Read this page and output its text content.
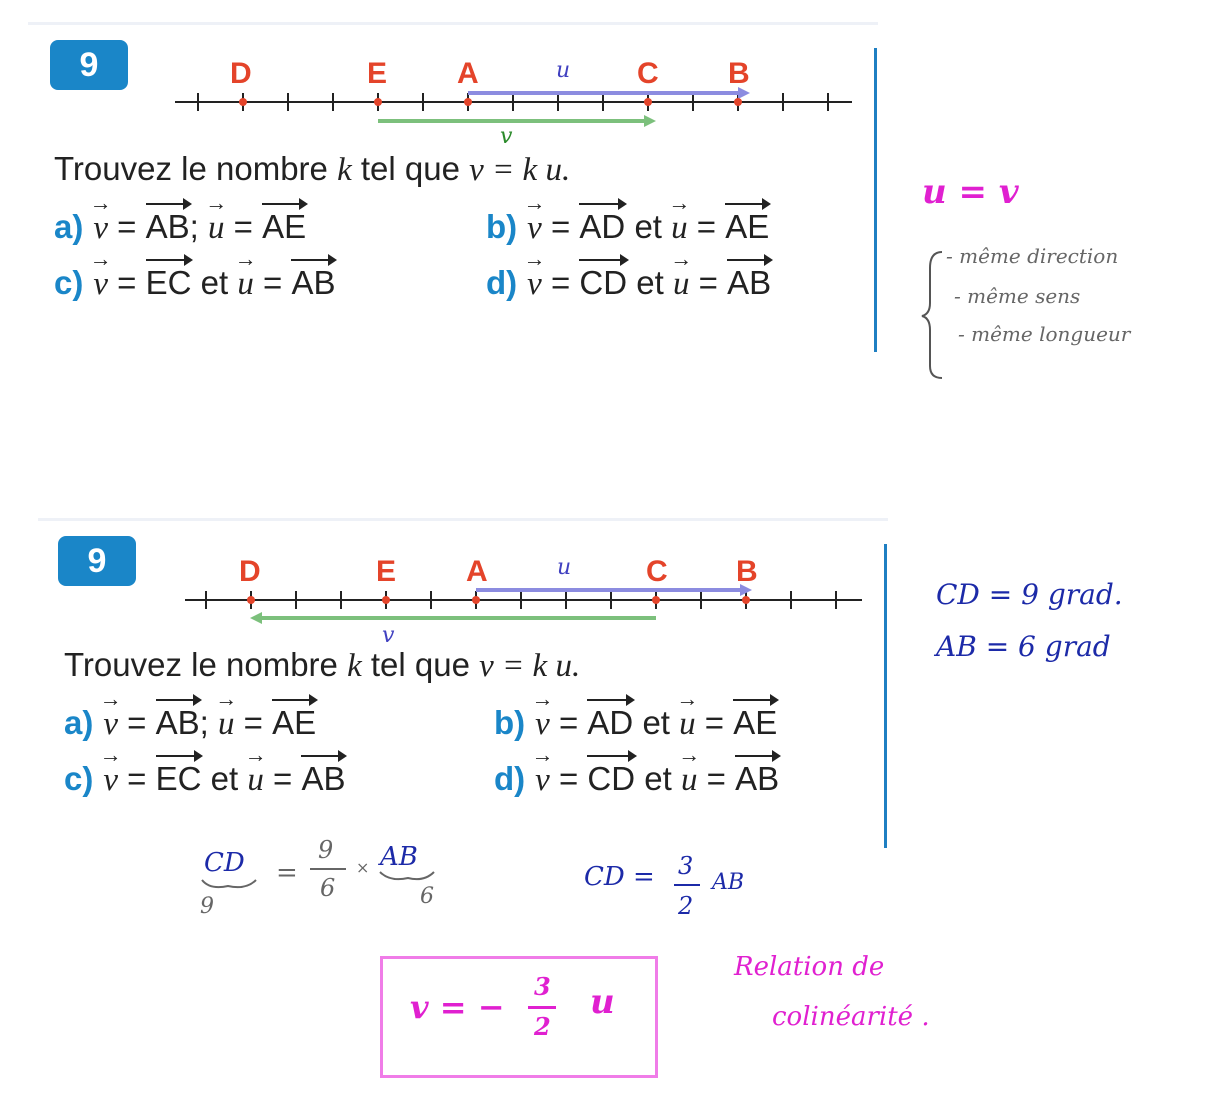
9	D	E A	C B
u
v
Trouvez le nombre k tel que v = k u.
a) → v = AB; → u = AE	b) → v = AD et → u = AE
c) → v = EC et → u = AB	d) → v = CD et → u = AB
u = v
- même direction
- même sens
- même longueur
9	D	E A	C B
u
v
Trouvez le nombre k tel que v = k u.
a) → v = AB; → u = AE	b) → v = AD et → u = AE
c) → v = EC et → u = AB	d) → v = CD et → u = AB
CD = 9 grad.
AB = 6 grad
CD
9
=
9
6
× AB
6
CD = 3
2
AB
v = −
3
2
u
Relation de
colinéarité .
